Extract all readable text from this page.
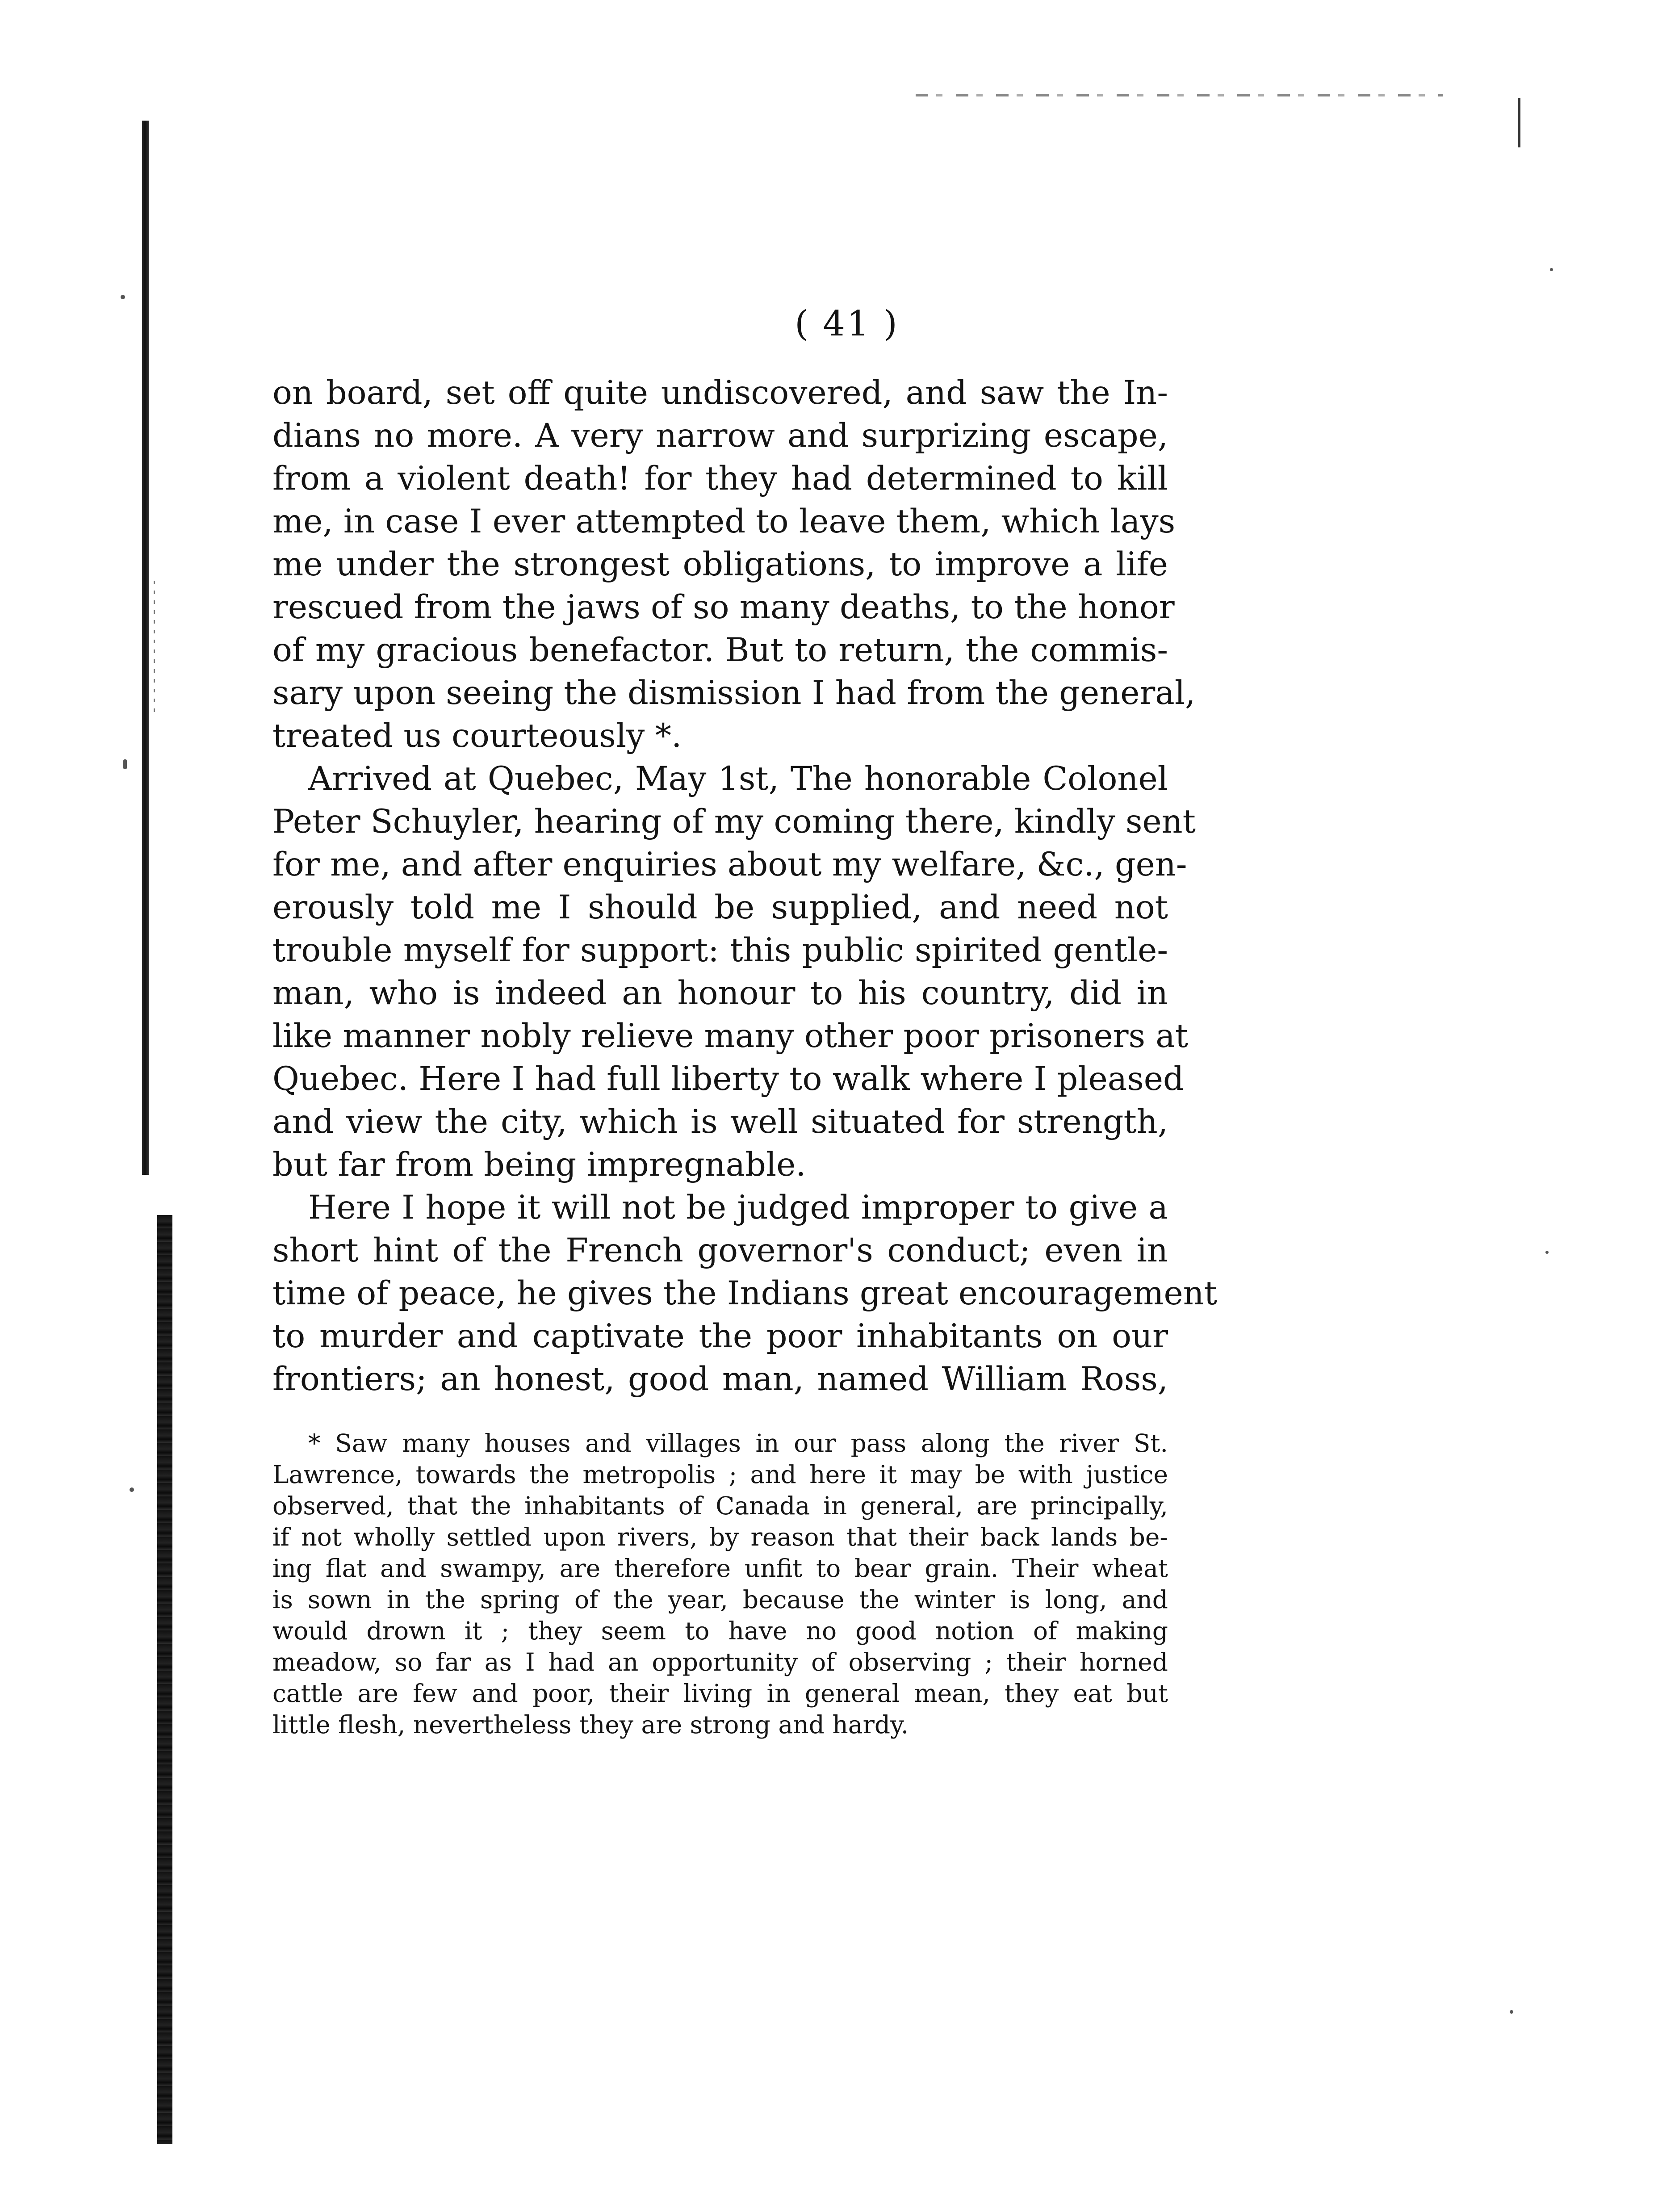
( 41 )
on board, set off quite undiscovered, and saw the In-
dians no more. A very narrow and surprizing escape,
from a violent death! for they had determined to kill
me, in case I ever attempted to leave them, which lays
me under the strongest obligations, to improve a life
rescued from the jaws of so many deaths, to the honor
of my gracious benefactor. But to return, the commis-
sary upon seeing the dismission I had from the general,
treated us courteously *.
Arrived at Quebec, May 1st, The honorable Colonel
Peter Schuyler, hearing of my coming there, kindly sent
for me, and after enquiries about my welfare, &c., gen-
erously told me I should be supplied, and need not
trouble myself for support: this public spirited gentle-
man, who is indeed an honour to his country, did in
like manner nobly relieve many other poor prisoners at
Quebec. Here I had full liberty to walk where I pleased
and view the city, which is well situated for strength,
but far from being impregnable.
Here I hope it will not be judged improper to give a
short hint of the French governor's conduct; even in
time of peace, he gives the Indians great encouragement
to murder and captivate the poor inhabitants on our
frontiers; an honest, good man, named William Ross,
* Saw many houses and villages in our pass along the river St.
Lawrence, towards the metropolis ; and here it may be with justice
observed, that the inhabitants of Canada in general, are principally,
if not wholly settled upon rivers, by reason that their back lands be-
ing flat and swampy, are therefore unfit to bear grain. Their wheat
is sown in the spring of the year, because the winter is long, and
would drown it ; they seem to have no good notion of making
meadow, so far as I had an opportunity of observing ; their horned
cattle are few and poor, their living in general mean, they eat but
little flesh, nevertheless they are strong and hardy.
